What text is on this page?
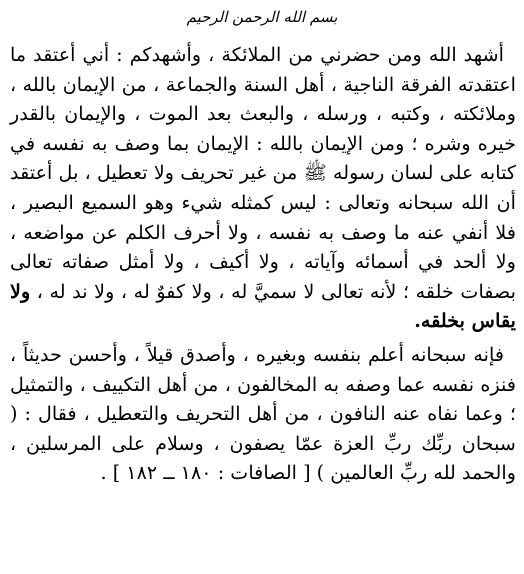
بسم الله الرحمن الرحيم

أشهد الله ومن حضرني من الملائكة ، وأشهدكم : أني أعتقد ما اعتقدته الفرقة الناجية ، أهل السنة والجماعة ، من الإيمان بالله ، وملائكته ، وكتبه ، ورسله ، والبعث بعد الموت ، والإيمان بالقدر خيره وشره ؛ ومن الإيمان بالله : الإيمان بما وصف به نفسه في كتابه على لسان رسوله ﷺ من غير تحريف ولا تعطيل ، بل أعتقد أن الله سبحانه وتعالى : ليس كمثله شيء وهو السميع البصير ، فلا أنفي عنه ما وصف به نفسه ، ولا أحرف الكلم عن مواضعه ، ولا ألحد في أسمائه وآياته ، ولا أكيف ، ولا أمثل صفاته تعالى بصفات خلقه ؛ لأنه تعالى لا سميَّ له ، ولا كفوٌ له ، ولا ند له ، ولا يقاس بخلقه.

فإنه سبحانه أعلم بنفسه وبغيره ، وأصدق قيلاً ، وأحسن حديثاً ، فنزه نفسه عما وصفه به المخالفون ، من أهل التكييف ، والتمثيل ؛ وعما نفاه عنه النافون ، من أهل التحريف والتعطيل ، فقال : ( سبحان ربِّك ربِّ العزة عمّا يصفون ، وسلام على المرسلين ، والحمد لله ربِّ العالمين ) [ الصافات : ١٨٠ ــ ١٨٢ ] .
